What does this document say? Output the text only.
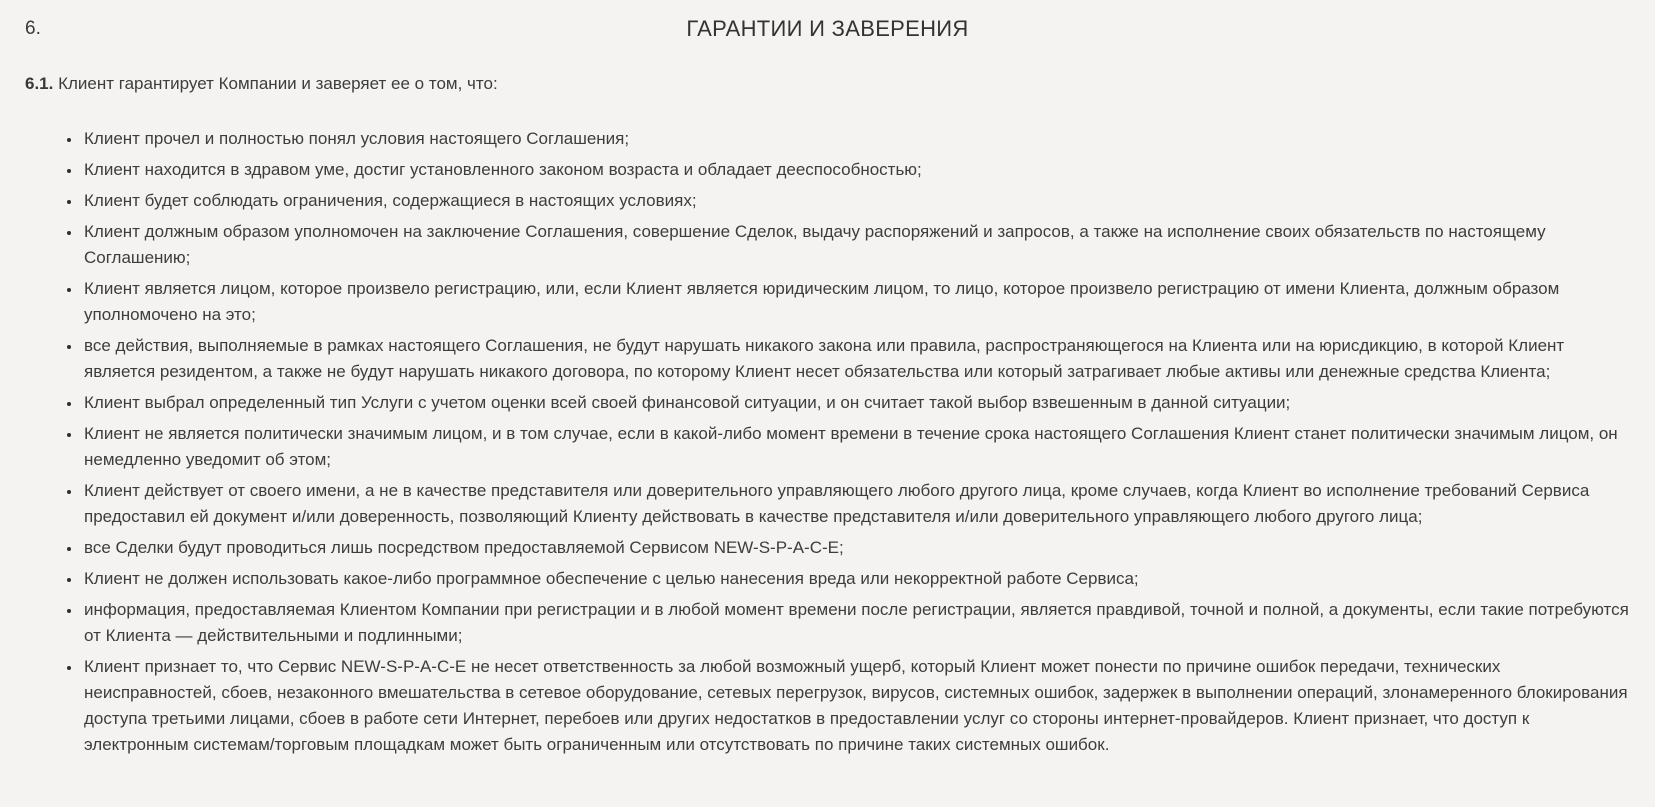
6.	ГАРАНТИИ И ЗАВЕРЕНИЯ

6.1. Клиент гарантирует Компании и заверяет ее о том, что:

• Клиент прочел и полностью понял условия настоящего Соглашения;
• Клиент находится в здравом уме, достиг установленного законом возраста и обладает дееспособностью;
• Клиент будет соблюдать ограничения, содержащиеся в настоящих условиях;
• Клиент должным образом уполномочен на заключение Соглашения, совершение Сделок, выдачу распоряжений и запросов, а также на исполнение своих обязательств по настоящему Соглашению;
• Клиент является лицом, которое произвело регистрацию, или, если Клиент является юридическим лицом, то лицо, которое произвело регистрацию от имени Клиента, должным образом уполномочено на это;
• все действия, выполняемые в рамках настоящего Соглашения, не будут нарушать никакого закона или правила, распространяющегося на Клиента или на юрисдикцию, в которой Клиент является резидентом, а также не будут нарушать никакого договора, по которому Клиент несет обязательства или который затрагивает любые активы или денежные средства Клиента;
• Клиент выбрал определенный тип Услуги с учетом оценки всей своей финансовой ситуации, и он считает такой выбор взвешенным в данной ситуации;
• Клиент не является политически значимым лицом, и в том случае, если в какой-либо момент времени в течение срока настоящего Соглашения Клиент станет политически значимым лицом, он немедленно уведомит об этом;
• Клиент действует от своего имени, а не в качестве представителя или доверительного управляющего любого другого лица, кроме случаев, когда Клиент во исполнение требований Сервиса предоставил ей документ и/или доверенность, позволяющий Клиенту действовать в качестве представителя и/или доверительного управляющего любого другого лица;
• все Сделки будут проводиться лишь посредством предоставляемой Сервисом NEW-S-P-A-C-E;
• Клиент не должен использовать какое-либо программное обеспечение с целью нанесения вреда или некорректной работе Сервиса;
• информация, предоставляемая Клиентом Компании при регистрации и в любой момент времени после регистрации, является правдивой, точной и полной, а документы, если такие потребуются от Клиента — действительными и подлинными;
• Клиент признает то, что Сервис NEW-S-P-A-C-E не несет ответственность за любой возможный ущерб, который Клиент может понести по причине ошибок передачи, технических неисправностей, сбоев, незаконного вмешательства в сетевое оборудование, сетевых перегрузок, вирусов, системных ошибок, задержек в выполнении операций, злонамеренного блокирования доступа третьими лицами, сбоев в работе сети Интернет, перебоев или других недостатков в предоставлении услуг со стороны интернет-провайдеров. Клиент признает, что доступ к электронным системам/торговым площадкам может быть ограниченным или отсутствовать по причине таких системных ошибок.
